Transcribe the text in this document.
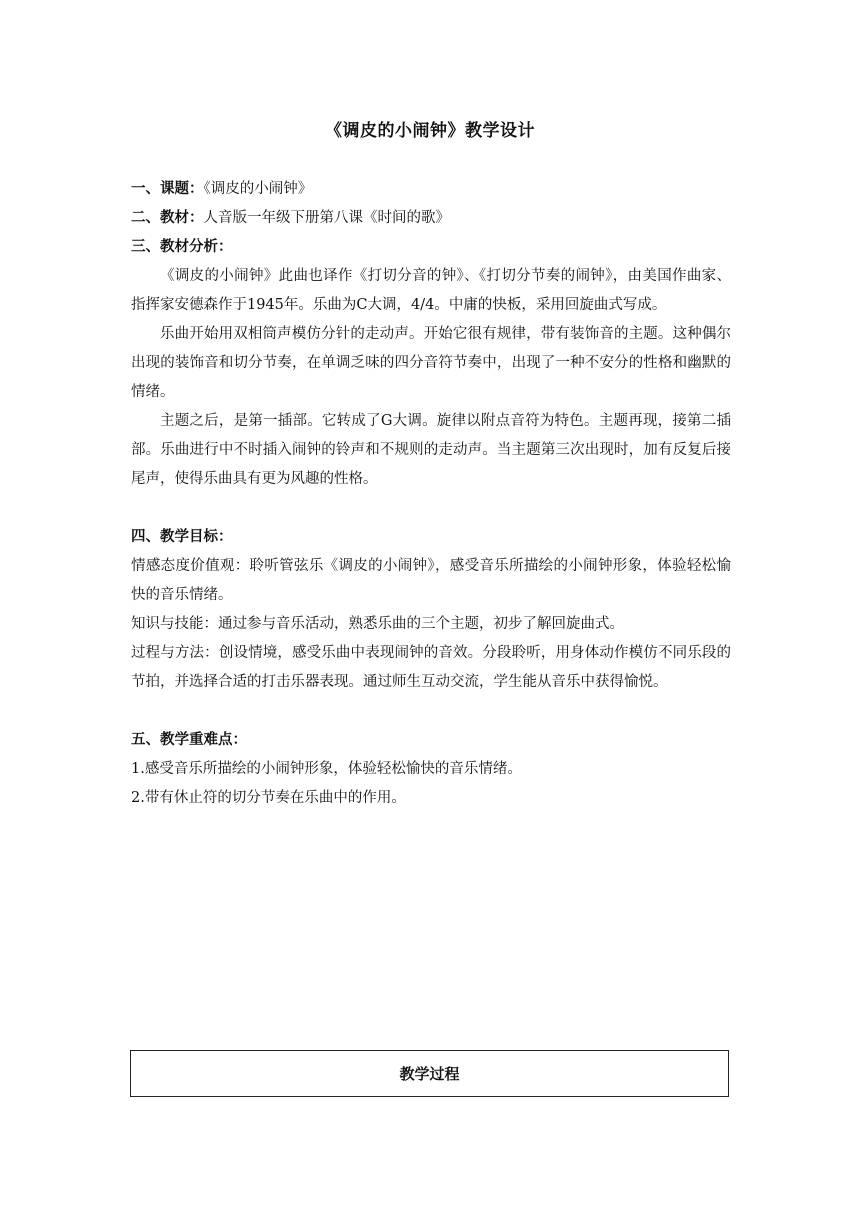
《调皮的小闹钟》教学设计

一、课题：《调皮的小闹钟》

二、教材：人音版一年级下册第八课《时间的歌》

三、教材分析：

《调皮的小闹钟》此曲也译作《打切分音的钟》、《打切分节奏的闹钟》，由美国作曲家、指挥家安德森作于1945年。乐曲为C大调，4/4。中庸的快板，采用回旋曲式写成。

乐曲开始用双相筒声模仿分针的走动声。开始它很有规律，带有装饰音的主题。这种偶尔出现的装饰音和切分节奏，在单调乏味的四分音符节奏中，出现了一种不安分的性格和幽默的情绪。

主题之后，是第一插部。它转成了G大调。旋律以附点音符为特色。主题再现，接第二插部。乐曲进行中不时插入闹钟的铃声和不规则的走动声。当主题第三次出现时，加有反复后接尾声，使得乐曲具有更为风趣的性格。

四、教学目标：

情感态度价值观：聆听管弦乐《调皮的小闹钟》，感受音乐所描绘的小闹钟形象，体验轻松愉快的音乐情绪。

知识与技能：通过参与音乐活动，熟悉乐曲的三个主题，初步了解回旋曲式。

过程与方法：创设情境，感受乐曲中表现闹钟的音效。分段聆听，用身体动作模仿不同乐段的节拍，并选择合适的打击乐器表现。通过师生互动交流，学生能从音乐中获得愉悦。

五、教学重难点：

1.感受音乐所描绘的小闹钟形象，体验轻松愉快的音乐情绪。

2.带有休止符的切分节奏在乐曲中的作用。

教学过程
